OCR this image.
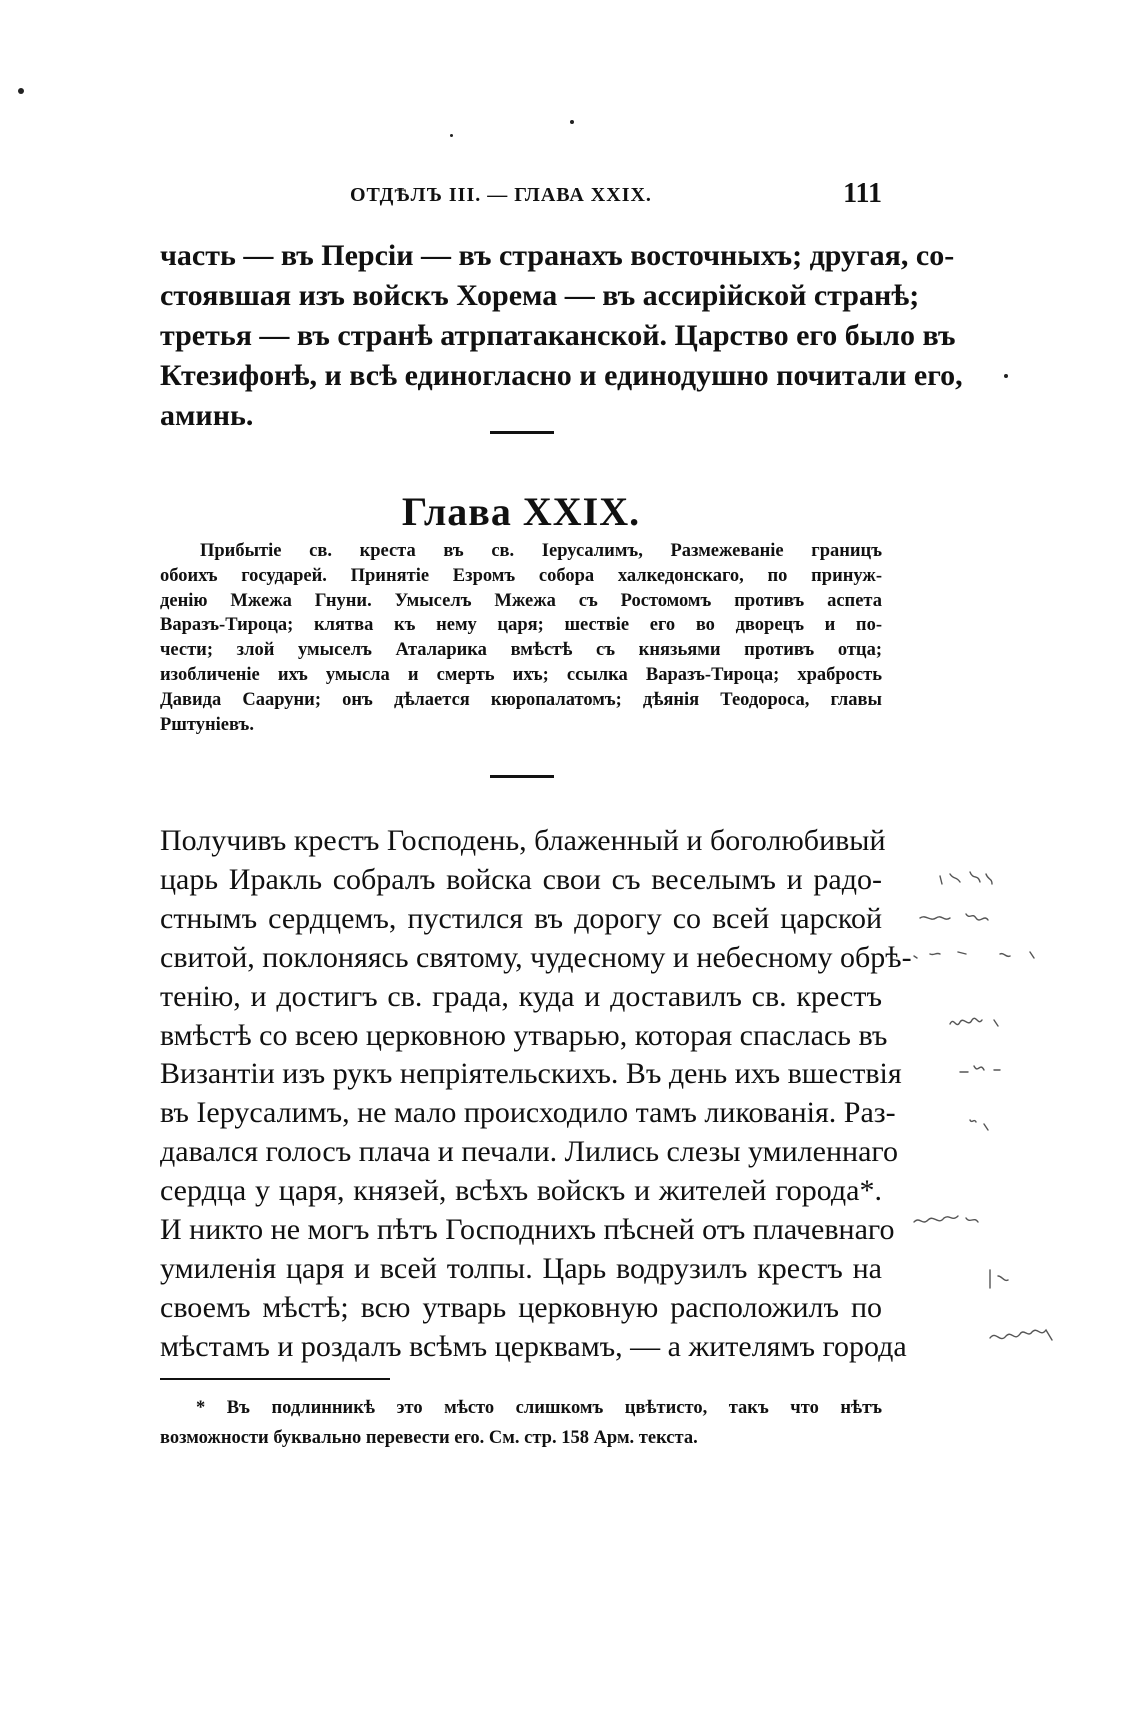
ОТДѢЛЪ III. — ГЛАВА XXIX.	111
часть — въ Персіи — въ странахъ восточныхъ; другая, со-
стоявшая изъ войскъ Хорема — въ ассирійской странѣ;
третья — въ странѣ атрпатаканской. Царство его было въ
Ктезифонѣ, и всѣ единогласно и единодушно почитали его,
аминь.
Глава XXIX.
Прибытіе св. креста въ св. Іерусалимъ, Размежеваніе границъ
обоихъ государей. Принятіе Езромъ собора халкедонскаго, по принуж-
денію Мжежа Гнуни. Умыселъ Мжежа съ Ростомомъ противъ аспета
Варазъ-Тироца; клятва къ нему царя; шествіе его во дворецъ и по-
чести; злой умыселъ Аталарика вмѣстѣ съ князьями противъ отца;
изобличеніе ихъ умысла и смерть ихъ; ссылка Варазъ-Тироца; храбрость
Давида Сааруни; онъ дѣлается кюропалатомъ; дѣянія Теодороса, главы
Рштуніевъ.
Получивъ крестъ Господень, блаженный и боголюбивый
царь Иракль собралъ войска свои съ веселымъ и радо-
стнымъ сердцемъ, пустился въ дорогу со всей царской
свитой, поклоняясь святому, чудесному и небесному обрѣ-
тенію, и достигъ св. града, куда и доставилъ св. крестъ
вмѣстѣ со всею церковною утварью, которая спаслась въ
Византіи изъ рукъ непріятельскихъ. Въ день ихъ вшествія
въ Іерусалимъ, не мало происходило тамъ ликованія. Раз-
давался голосъ плача и печали. Лились слезы умиленнаго
сердца у царя, князей, всѣхъ войскъ и жителей города*.
И никто не могъ пѣтъ Господнихъ пѣсней отъ плачевнаго
умиленія царя и всей толпы. Царь водрузилъ крестъ на
своемъ мѣстѣ; всю утварь церковную расположилъ по
мѣстамъ и роздалъ всѣмъ церквамъ, — а жителямъ города
* Въ подлинникѣ это мѣсто слишкомъ цвѣтисто, такъ что нѣтъ
возможности буквально перевести его. См. стр. 158 Арм. текста.
